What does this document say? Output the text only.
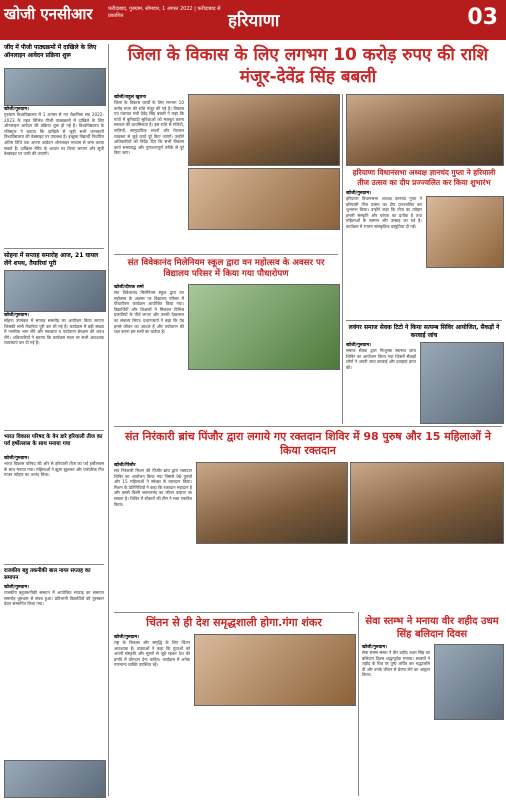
खोजी एनसीआर	फरीदाबाद, गुरुग्राम, सोमवार, 1 अगस्त 2022 | फरीदाबाद से प्रकाशित	हरियाणा	03
जींद में पीजी पाठ्यक्रमों में दाखिले के लिए ऑनलाइन आवेदन प्रक्रिया शुरू
खोजी/गुरुग्राम।
गुरुग्राम विश्वविद्यालय में 1 अगस्त से नए शैक्षणिक सत्र 2022-2023 के तहत विभिन्न पीजी पाठ्यक्रमों में दाखिले के लिए ऑनलाइन आवेदन की प्रक्रिया शुरू हो गई है। विश्वविद्यालय के रजिस्ट्रार ने बताया कि दाखिले से जुड़ी सभी जानकारी विश्वविद्यालय की वेबसाइट पर उपलब्ध है। इच्छुक विद्यार्थी निर्धारित अंतिम तिथि तक अपना आवेदन ऑनलाइन माध्यम से जमा करवा सकते हैं। दाखिला मेरिट के आधार पर किया जाएगा और सूची वेबसाइट पर जारी की जाएगी।
सोहना में सप्ताह समारोह आज, 21 घायल लेंगे शपथ, तैयारियां पूरी
खोजी/गुरुग्राम।
सोहना उपमंडल में सप्ताह समारोह का आयोजन किया जाएगा जिसकी सभी तैयारियां पूरी कर ली गई हैं। कार्यक्रम में बड़ी संख्या में नागरिक भाग लेंगे और स्वच्छता व पर्यावरण संरक्षण की शपथ लेंगे। अधिकारियों ने बताया कि कार्यक्रम स्थल पर सभी आवश्यक व्यवस्थाएं कर दी गई हैं।
भारत विकास परिषद के वेन डारे हरियाली तीज का पर्व हर्षोल्लास के साथ मनाया गया
खोजी/गुरुग्राम।
भारत विकास परिषद की ओर से हरियाली तीज का पर्व हर्षोल्लास के साथ मनाया गया। महिलाओं ने झूला झूलकर और पारंपरिक गीत गाकर त्योहार का आनंद लिया।
राजकीय बहु तकनीकी बाल नाग्ल सप्ताह का समापन
खोजी/गुरुग्राम।
राजकीय बहुतकनीकी संस्थान में आयोजित सप्ताह का समापन समारोह धूमधाम से संपन्न हुआ। प्रतिभागी विद्यार्थियों को पुरस्कार देकर सम्मानित किया गया।
जिला के विकास के लिए लगभग 10 करोड़ रुपए की राशि मंजूर-देवेंद्र सिंह बबली
खोजी/राहुल खुराना
जिला के विकास कार्यों के लिए लगभग 10 करोड़ रुपए की राशि मंजूर की गई है। विकास एवं पंचायत मंत्री देवेंद्र सिंह बबली ने कहा कि गांवों में बुनियादी सुविधाओं को मजबूत करना सरकार की प्राथमिकता है। इस राशि से गलियों, नालियों, सामुदायिक भवनों और पेयजल व्यवस्था से जुड़े कार्य पूरे किए जाएंगे। उन्होंने अधिकारियों को निर्देश दिए कि सभी विकास कार्य समयबद्ध और गुणवत्तापूर्ण तरीके से पूरे किए जाएं।
संत विवेकानंद मिलेनियम स्कूल द्वारा वन महोत्सव के अवसर पर विद्यालय परिसर में किया गया पौधारोपण
खोजी/दीपक शर्मा
संत विवेकानंद मिलेनियम स्कूल द्वारा वन महोत्सव के अवसर पर विद्यालय परिसर में पौधारोपण कार्यक्रम आयोजित किया गया। विद्यार्थियों और शिक्षकों ने मिलकर विभिन्न प्रजातियों के पौधे लगाए और उनकी देखभाल का संकल्प लिया। प्रधानाचार्य ने कहा कि पेड़ हमारे जीवन का आधार हैं और पर्यावरण की रक्षा करना हम सभी का कर्तव्य है।
हरियाणा विधानसभा अध्यक्ष ज्ञानचंद गुप्ता ने हरियाली तीज उत्सव का दीप प्रज्ज्वलित कर किया शुभारंभ
खोजी/गुरुग्राम।
हरियाणा विधानसभा अध्यक्ष ज्ञानचंद गुप्ता ने हरियाली तीज उत्सव का दीप प्रज्ज्वलित कर शुभारंभ किया। उन्होंने कहा कि तीज का त्योहार हमारी संस्कृति और परंपरा का प्रतीक है तथा महिलाओं के सम्मान और उत्साह का पर्व है। कार्यक्रम में रंगारंग सांस्कृतिक प्रस्तुतियां दी गईं।
लवंगर समाज सेवक टिटो ने किया सत्यम्ब सिविर आयोजित, सैकड़ों ने करवाई जांच
खोजी/गुरुग्राम।
समाज सेवक द्वारा निःशुल्क स्वास्थ्य जांच शिविर का आयोजन किया गया जिसमें सैकड़ों लोगों ने अपनी जांच करवाई और दवाइयां प्राप्त कीं।
संत निरंकारी ब्रांच पिंजौर द्वारा लगाये गए रक्तदान शिविर में 98 पुरुष और 15 महिलाओं ने किया रक्तदान
खोजी/पिंजौर
संत निरंकारी मिशन की पिंजौर ब्रांच द्वारा रक्तदान शिविर का आयोजन किया गया जिसमें 98 पुरुषों और 15 महिलाओं ने स्वेच्छा से रक्तदान किया। मिशन के प्रतिनिधियों ने कहा कि रक्तदान महादान है और इससे किसी जरूरतमंद का जीवन बचाया जा सकता है। शिविर में डॉक्टरों की टीम ने रक्त एकत्रित किया।
चिंतन से ही देश समृद्धशाली होगा.गंगा शंकर
खोजी/गुरुग्राम।
राष्ट्र के विकास और समृद्धि के लिए चिंतन आवश्यक है। वक्ताओं ने कहा कि युवाओं को अपनी संस्कृति और मूल्यों से जुड़े रहकर देश की प्रगति में योगदान देना चाहिए। कार्यक्रम में अनेक गणमान्य व्यक्ति उपस्थित रहे।
सेवा स्तम्भ ने मनाया वीर शहीद उधम सिंह बलिदान दिवस
खोजी/गुरुग्राम।
सेवा स्तम्भ संस्था ने वीर शहीद उधम सिंह का बलिदान दिवस श्रद्धापूर्वक मनाया। सदस्यों ने शहीद के चित्र पर पुष्प अर्पित कर श्रद्धांजलि दी और उनके जीवन से प्रेरणा लेने का आह्वान किया।
